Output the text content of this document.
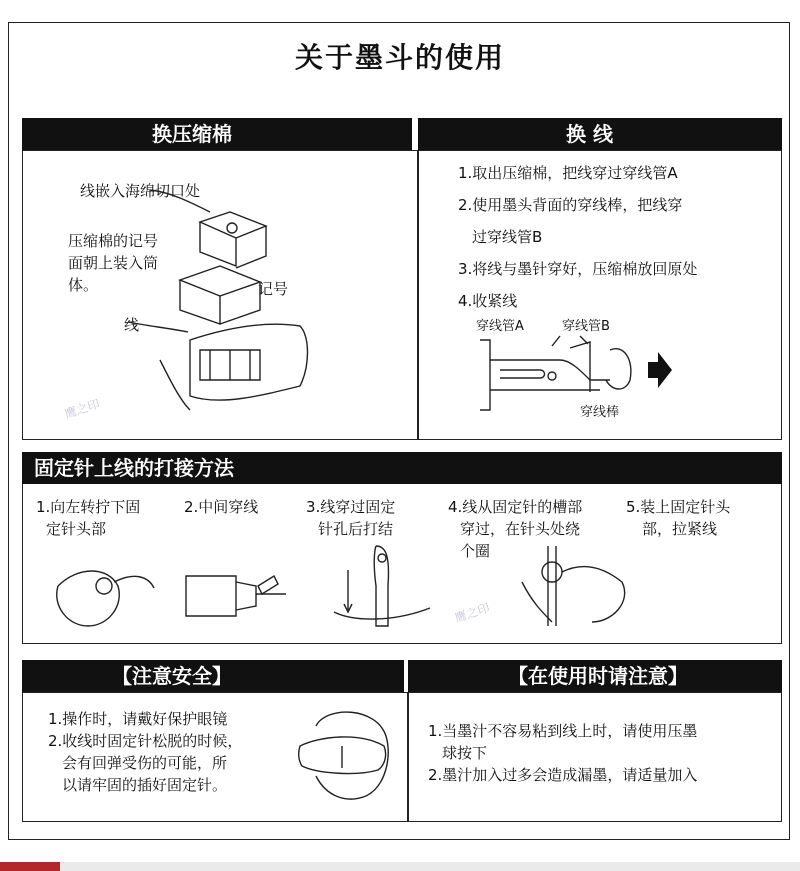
关于墨斗的使用
换压缩棉	换 线
线嵌入海绵切口处
压缩棉的记号
面朝上装入筒
体。	记号
线
1.取出压缩棉，把线穿过穿线管A
2.使用墨头背面的穿线棒，把线穿
过穿线管B
3.将线与墨针穿好，压缩棉放回原处
4.收紧线
穿线管A	穿线管B
穿线棒
固定针上线的打接方法
1.向左转拧下固
定针头部
2.中间穿线	3.线穿过固定
针孔后打结
4.线从固定针的槽部
穿过，在针头处绕
个圈
5.装上固定针头
部，拉紧线
【注意安全】
1.操作时，请戴好保护眼镜
2.收线时固定针松脱的时候，
会有回弹受伤的可能，所
以请牢固的插好固定针。
【在使用时请注意】
1.当墨汁不容易粘到线上时，请使用压墨
球按下
2.墨汁加入过多会造成漏墨，请适量加入
鹰之印
鹰之印
